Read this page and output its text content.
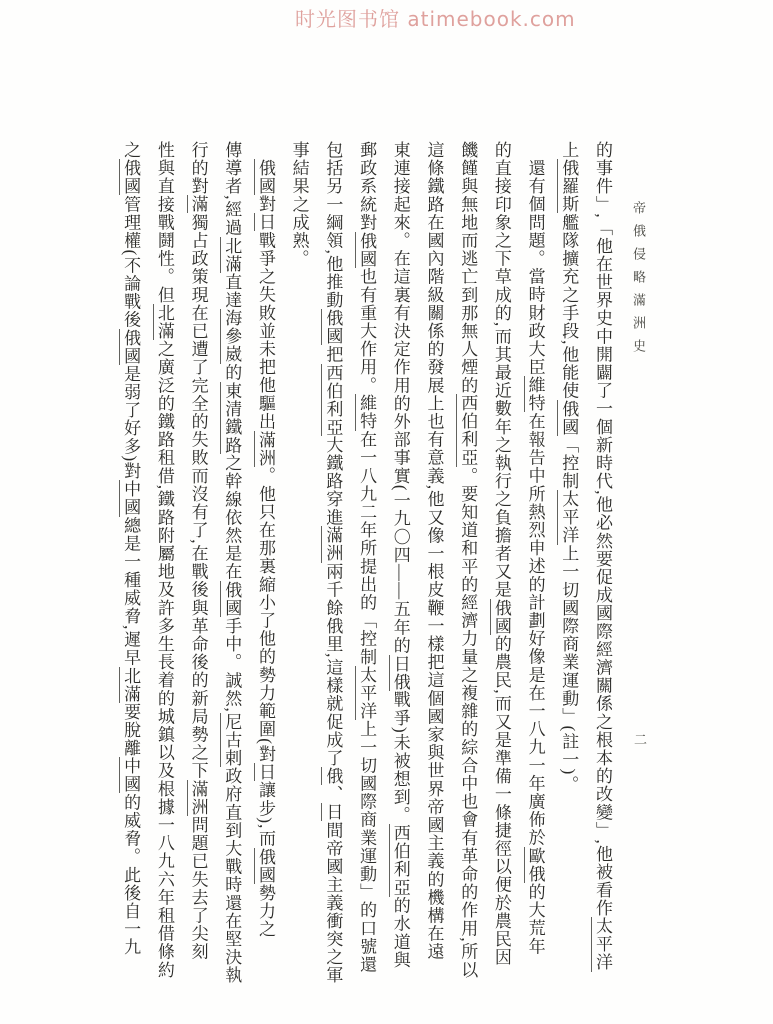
时光图书馆 atimebook.com
帝俄侵略滿洲史
二
的事件」,「他在世界史中開闢了一個新時代,他必然要促成國際經濟關係之根本的改變」,他被看作太平洋
上俄羅斯艦隊擴充之手段,他能使俄國「控制太平洋上一切國際商業運動」(註一)。
還有個問題。當時財政大臣維特在報告中所熱烈申述的計劃好像是在一八九一年廣佈於歐俄的大荒年
的直接印象之下草成的,而其最近數年之執行之負擔者又是俄國的農民,而又是準備一條捷徑以便於農民因
饑饉與無地而逃亡到那無人煙的西伯利亞。要知道和平的經濟力量之複雜的綜合中也會有革命的作用,所以
這條鐵路在國內階級關係的發展上也有意義,他又像一根皮鞭一樣把這個國家與世界帝國主義的機構在遠
東連接起來。在這裏有決定作用的外部事實(一九〇四——五年的日俄戰爭)未被想到。西伯利亞的水道與
郵政系統對俄國也有重大作用。維特在一八九二年所提出的「控制太平洋上一切國際商業運動」的口號還
包括另一綱領,他推動俄國把西伯利亞大鐵路穿進滿洲兩千餘俄里,這樣就促成了俄、日間帝國主義衝突之軍
事結果之成熟。
俄國對日戰爭之失敗並未把他驅出滿洲。他只在那裏縮小了他的勢力範圍(對日讓步),而俄國勢力之
傳導者,經過北滿直達海參崴的東清鐵路之幹線依然是在俄國手中。誠然,尼古剌政府直到大戰時還在堅決執
行的對滿獨占政策現在已遭了完全的失敗而沒有了,在戰後與革命後的新局勢之下滿洲問題已失去了尖刻
性與直接戰鬪性。但北滿之廣泛的鐵路租借,鐵路附屬地及許多生長着的城鎮以及根據一八九六年租借條約
之俄國管理權(不論戰後俄國是弱了好多)對中國總是一種威脅,遲早北滿要脫離中國的威脅。此後自一九
